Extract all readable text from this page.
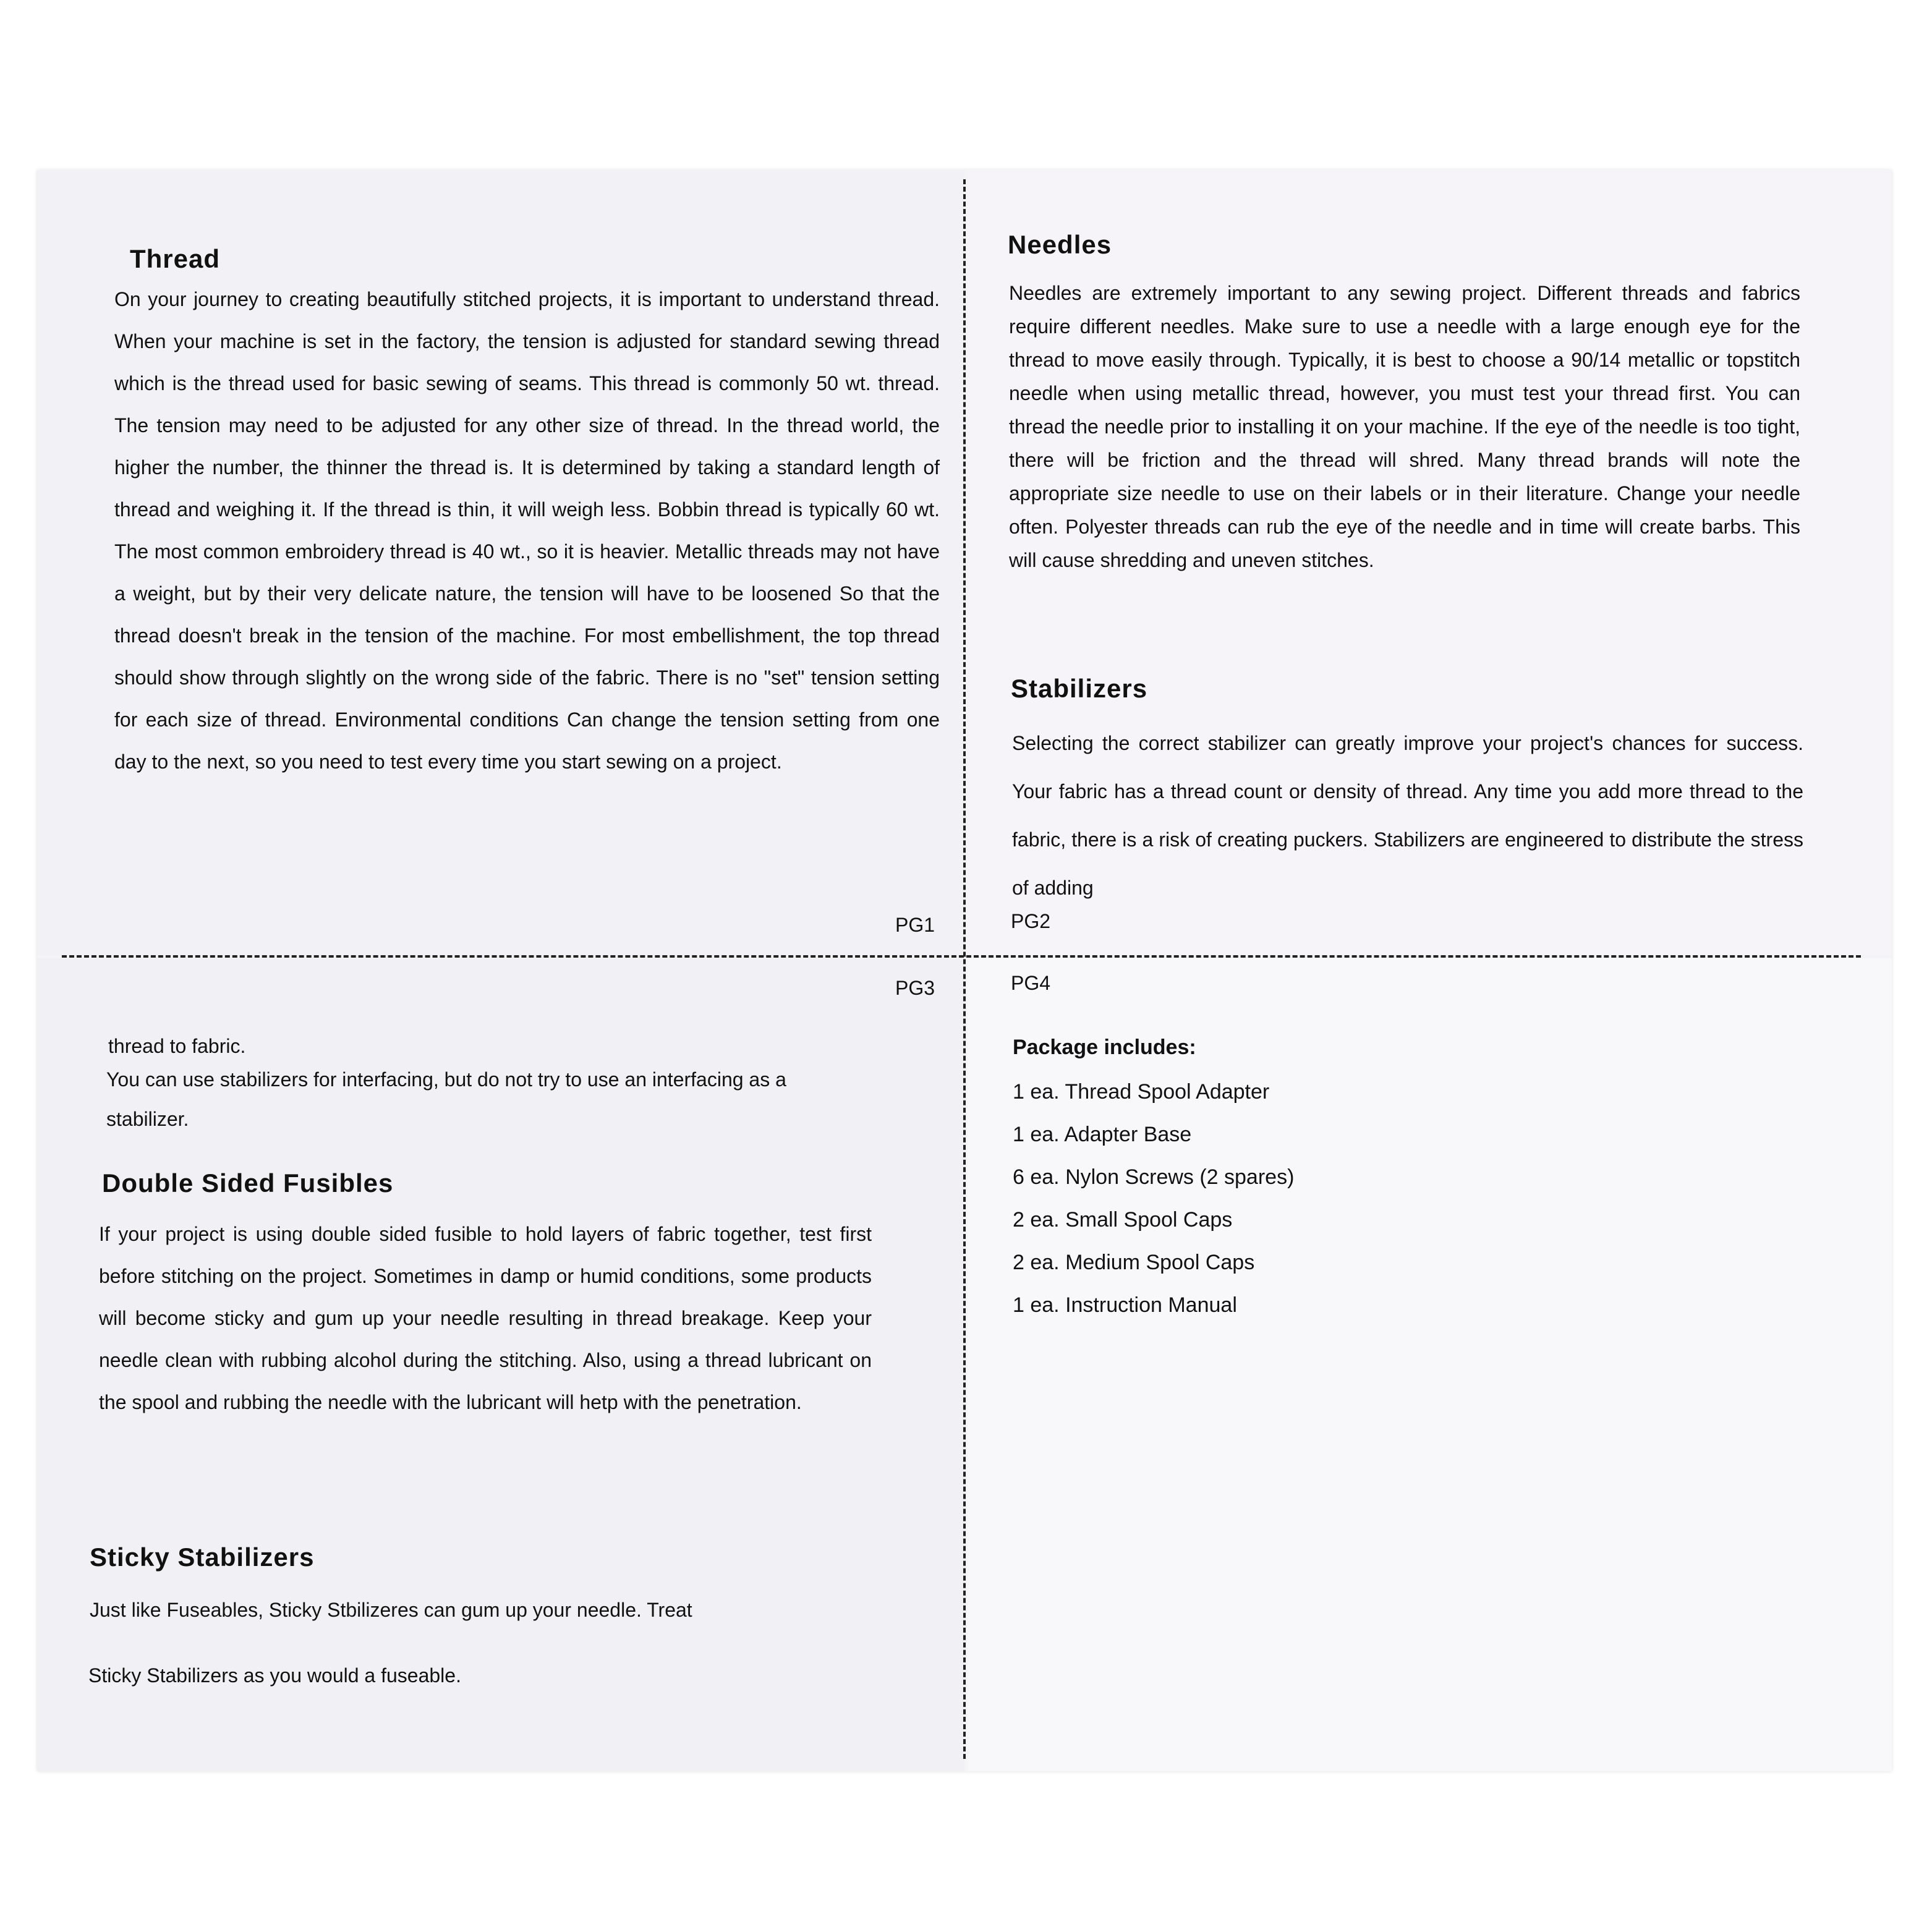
Thread
On your journey to creating beautifully stitched projects, it is important to understand thread. When your machine is set in the factory, the tension is adjusted for standard sewing thread which is the thread used for basic sewing of seams. This thread is commonly 50 wt. thread. The tension may need to be adjusted for any other size of thread. In the thread world, the higher the number, the thinner the thread is. It is determined by taking a standard length of thread and weighing it. If the thread is thin, it will weigh less. Bobbin thread is typically 60 wt. The most common embroidery thread is 40 wt., so it is heavier. Metallic threads may not have a weight, but by their very delicate nature, the tension will have to be loosened So that the thread doesn't break in the tension of the machine. For most embellishment, the top thread should show through slightly on the wrong side of the fabric. There is no "set" tension setting for each size of thread. Environmental conditions Can change the tension setting from one day to the next, so you need to test every time you start sewing on a project.
PG1
Needles
Needles are extremely important to any sewing project. Different threads and fabrics require different needles. Make sure to use a needle with a large enough eye for the thread to move easily through. Typically, it is best to choose a 90/14 metallic or topstitch needle when using metallic thread, however, you must test your thread first. You can thread the needle prior to installing it on your machine. If the eye of the needle is too tight, there will be friction and the thread will shred. Many thread brands will note the appropriate size needle to use on their labels or in their literature. Change your needle often. Polyester threads can rub the eye of the needle and in time will create barbs. This will cause shredding and uneven stitches.
Stabilizers
Selecting the correct stabilizer can greatly improve your project's chances for success. Your fabric has a thread count or density of thread. Any time you add more thread to the fabric, there is a risk of creating puckers. Stabilizers are engineered to distribute the stress of adding
PG2
PG3
thread to fabric.
You can use stabilizers for interfacing, but do not try to use an interfacing as a stabilizer.
Double Sided Fusibles
If your project is using double sided fusible to hold layers of fabric together, test first before stitching on the project. Sometimes in damp or humid conditions, some products will become sticky and gum up your needle resulting in thread breakage. Keep your needle clean with rubbing alcohol during the stitching. Also, using a thread lubricant on the spool and rubbing the needle with the lubricant will hetp with the penetration.
Sticky Stabilizers
Just like Fuseables, Sticky Stbilizeres can gum up your needle. Treat
Sticky Stabilizers as you would a fuseable.
PG4
Package includes:
1 ea. Thread Spool Adapter
1 ea. Adapter Base
6 ea. Nylon Screws (2 spares)
2 ea. Small Spool Caps
2 ea. Medium Spool Caps
1 ea. Instruction Manual
